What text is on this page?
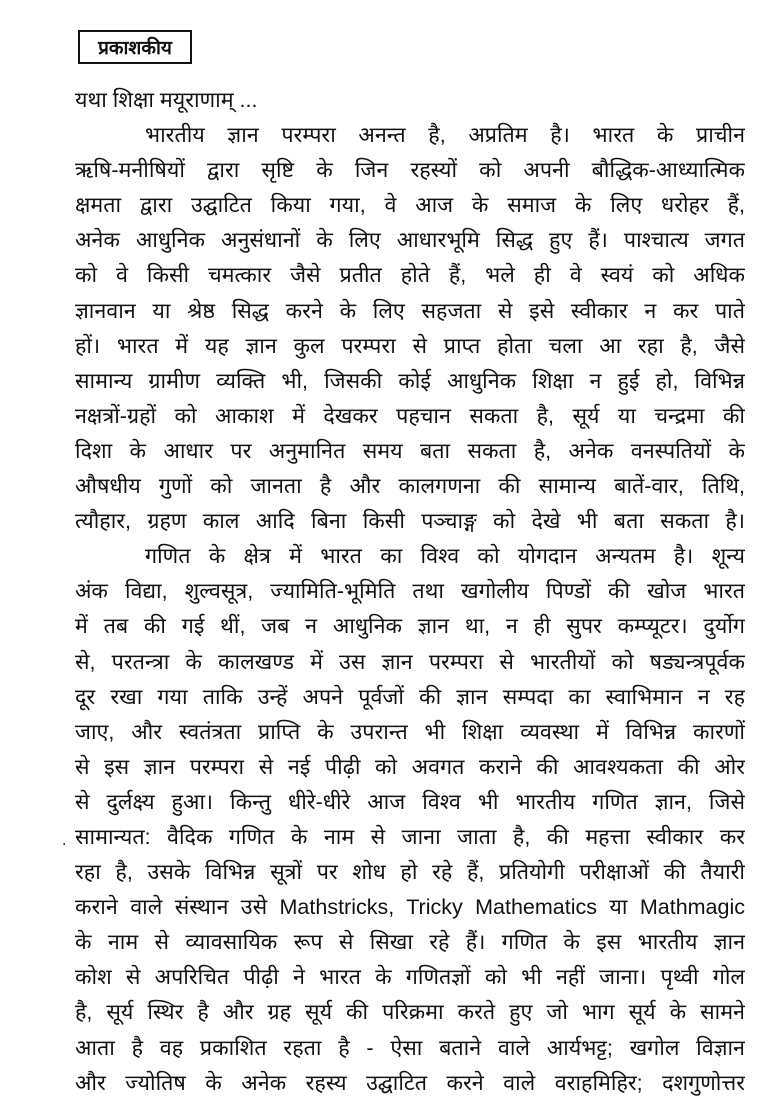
प्रकाशकीय
.
यथा शिक्षा मयूराणाम् ...
भारतीय ज्ञान परम्परा अनन्त है, अप्रतिम है। भारत के प्राचीन
ऋषि-मनीषियों द्वारा सृष्टि के जिन रहस्यों को अपनी बौद्धिक-आध्यात्मिक
क्षमता द्वारा उद्घाटित किया गया, वे आज के समाज के लिए धरोहर हैं,
अनेक आधुनिक अनुसंधानों के लिए आधारभूमि सिद्ध हुए हैं। पाश्चात्य जगत
को वे किसी चमत्कार जैसे प्रतीत होते हैं, भले ही वे स्वयं को अधिक
ज्ञानवान या श्रेष्ठ सिद्ध करने के लिए सहजता से इसे स्वीकार न कर पाते
हों। भारत में यह ज्ञान कुल परम्परा से प्राप्त होता चला आ रहा है, जैसे
सामान्य ग्रामीण व्यक्ति भी, जिसकी कोई आधुनिक शिक्षा न हुई हो, विभिन्न
नक्षत्रों-ग्रहों को आकाश में देखकर पहचान सकता है, सूर्य या चन्द्रमा की
दिशा के आधार पर अनुमानित समय बता सकता है, अनेक वनस्पतियों के
औषधीय गुणों को जानता है और कालगणना की सामान्य बातें-वार, तिथि,
त्यौहार, ग्रहण काल आदि बिना किसी पञ्चाङ्ग को देखे भी बता सकता है।
गणित के क्षेत्र में भारत का विश्व को योगदान अन्यतम है। शून्य
अंक विद्या, शुल्वसूत्र, ज्यामिति-भूमिति तथा खगोलीय पिण्डों की खोज भारत
में तब की गई थीं, जब न आधुनिक ज्ञान था, न ही सुपर कम्प्यूटर। दुर्योग
से, परतन्त्रा के कालखण्ड में उस ज्ञान परम्परा से भारतीयों को षड्यन्त्रपूर्वक
दूर रखा गया ताकि उन्हें अपने पूर्वजों की ज्ञान सम्पदा का स्वाभिमान न रह
जाए, और स्वतंत्रता प्राप्ति के उपरान्त भी शिक्षा व्यवस्था में विभिन्न कारणों
से इस ज्ञान परम्परा से नई पीढ़ी को अवगत कराने की आवश्यकता की ओर
से दुर्लक्ष्य हुआ। किन्तु धीरे-धीरे आज विश्व भी भारतीय गणित ज्ञान, जिसे
सामान्यत: वैदिक गणित के नाम से जाना जाता है, की महत्ता स्वीकार कर
रहा है, उसके विभिन्न सूत्रों पर शोध हो रहे हैं, प्रतियोगी परीक्षाओं की तैयारी
कराने वाले संस्थान उसे Mathstricks, Tricky Mathematics या Mathmagic
के नाम से व्यावसायिक रूप से सिखा रहे हैं। गणित के इस भारतीय ज्ञान
कोश से अपरिचित पीढ़ी ने भारत के गणितज्ञों को भी नहीं जाना। पृथ्वी गोल
है, सूर्य स्थिर है और ग्रह सूर्य की परिक्रमा करते हुए जो भाग सूर्य के सामने
आता है वह प्रकाशित रहता है - ऐसा बताने वाले आर्यभट्ट; खगोल विज्ञान
और ज्योतिष के अनेक रहस्य उद्घाटित करने वाले वराहमिहिर; दशगुणोत्तर
